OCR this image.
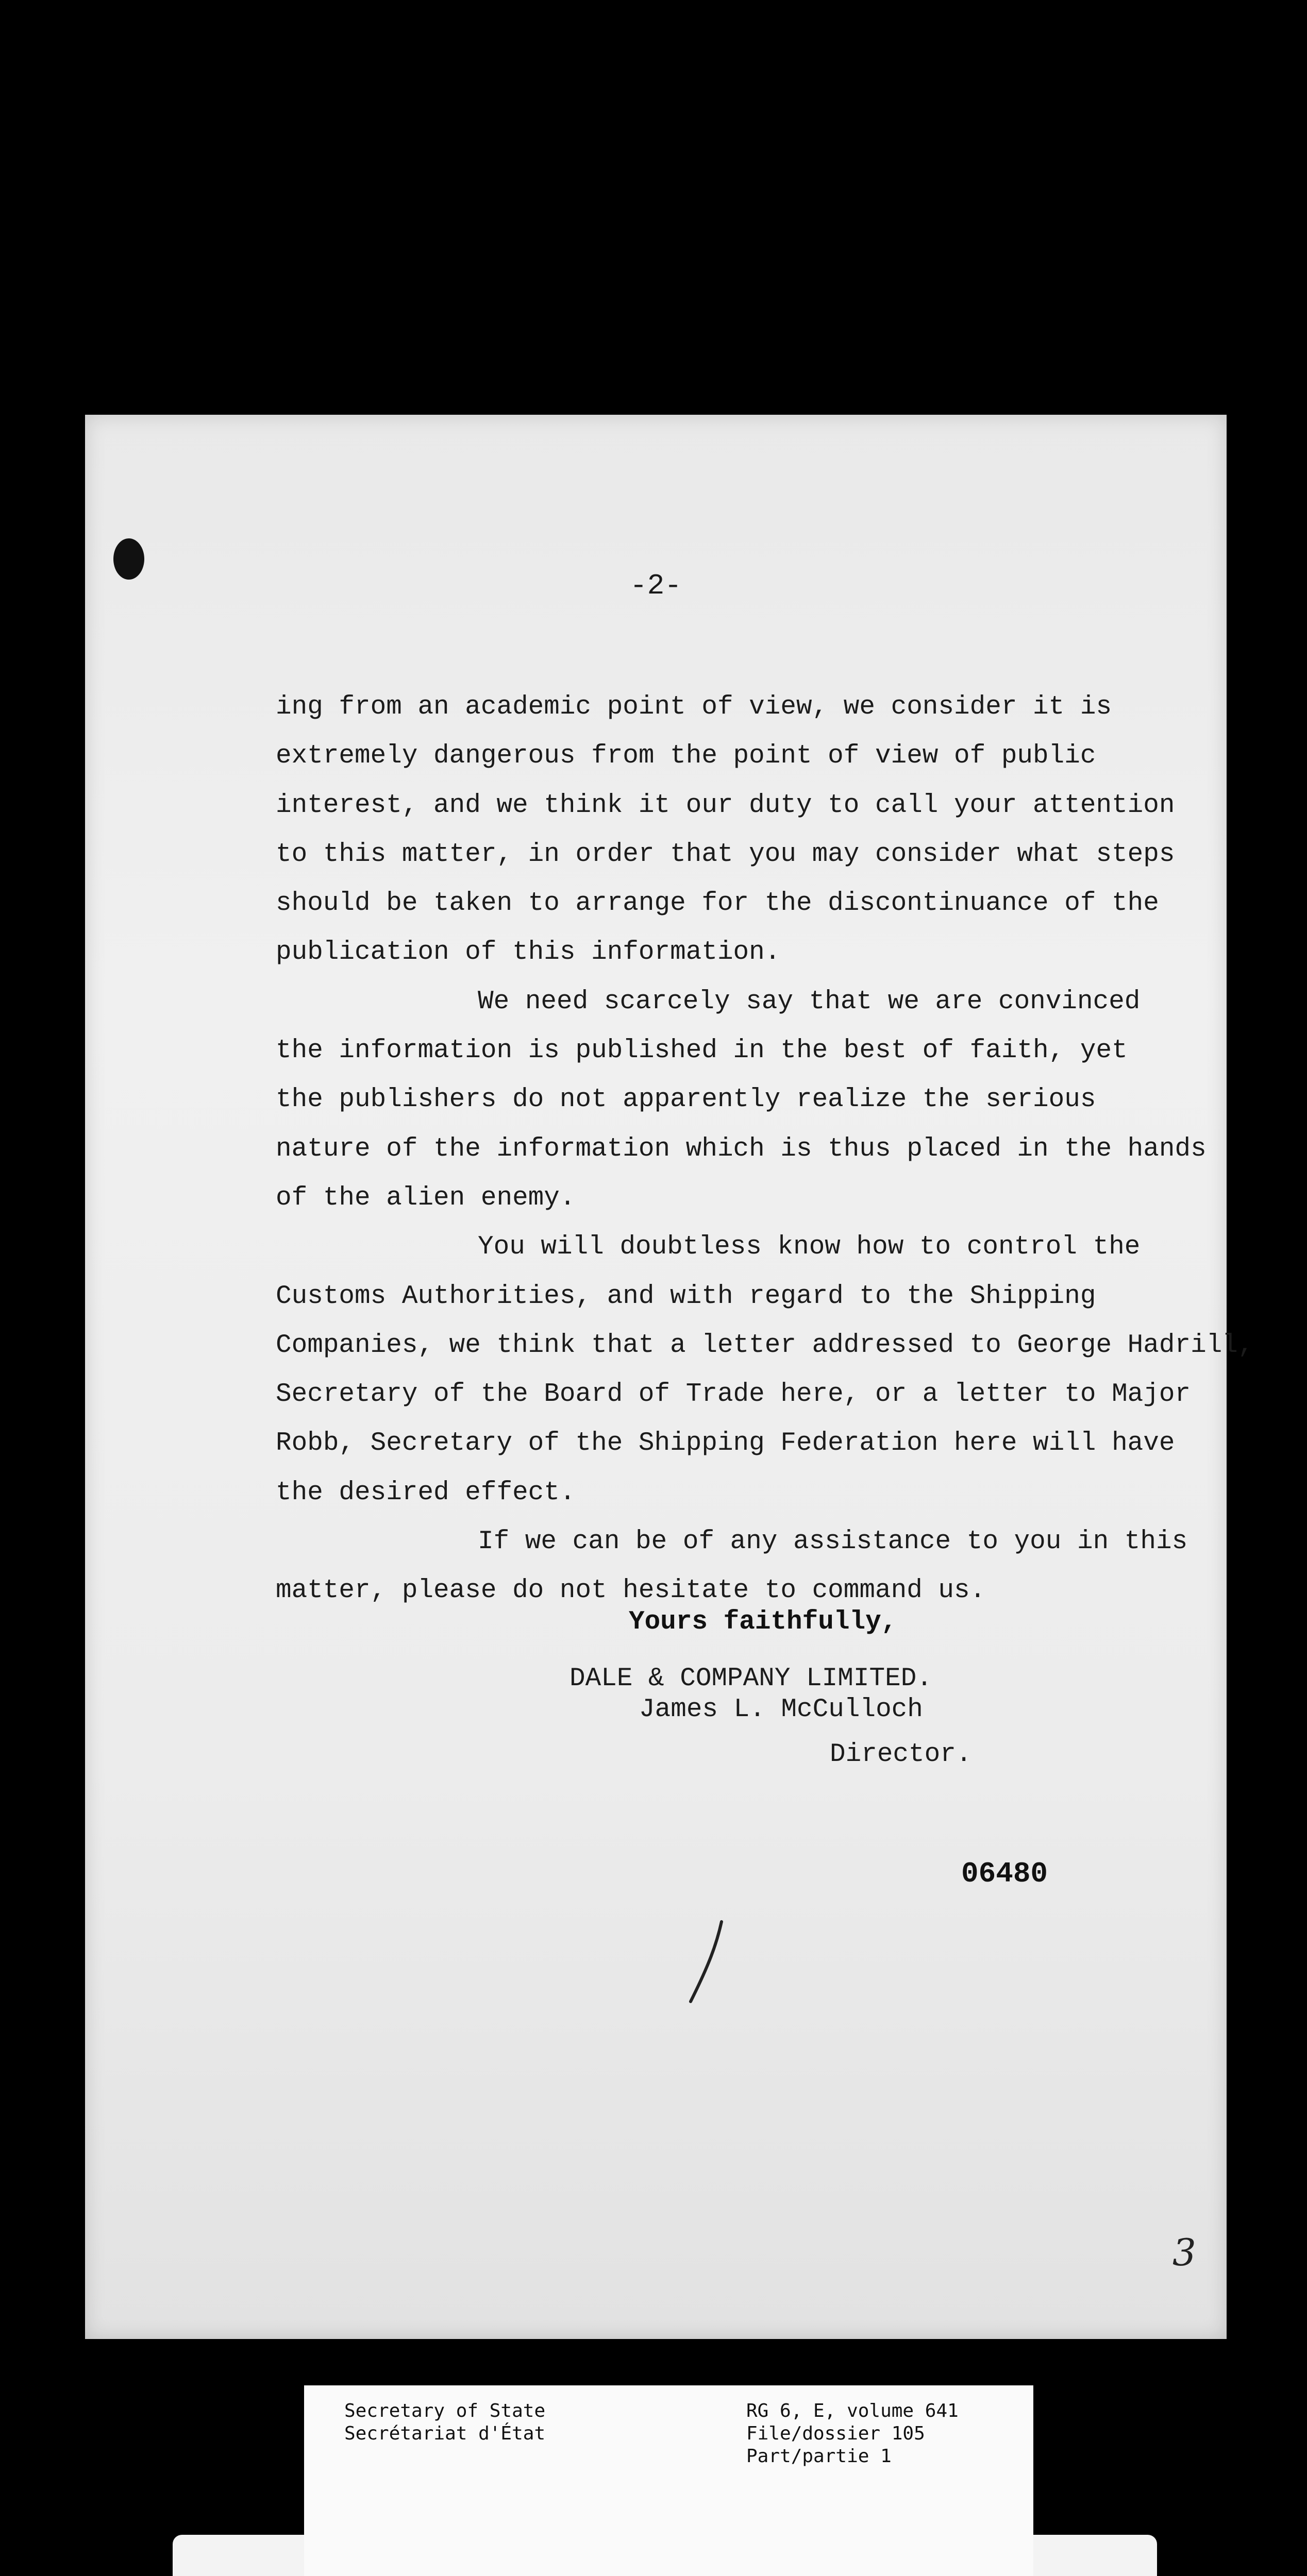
-2-
ing from an academic point of view, we consider it is
extremely dangerous from the point of view of public
interest, and we think it our duty to call your attention
to this matter, in order that you may consider what steps
should be taken to arrange for the discontinuance of the
publication of this information.
We need scarcely say that we are convinced
the information is published in the best of faith, yet
the publishers do not apparently realize the serious
nature of the information which is thus placed in the hands
of the alien enemy.
You will doubtless know how to control the
Customs Authorities, and with regard to the Shipping
Companies, we think that a letter addressed to George Hadrill,
Secretary of the Board of Trade here, or a letter to Major
Robb, Secretary of the Shipping Federation here will have
the desired effect.
If we can be of any assistance to you in this
matter, please do not hesitate to command us.
Yours faithfully,
DALE & COMPANY LIMITED.
James L. McCulloch
Director.
06480
3
Secretary of State
Secrétariat d'État
RG 6, E, volume 641
File/dossier 105
Part/partie 1
